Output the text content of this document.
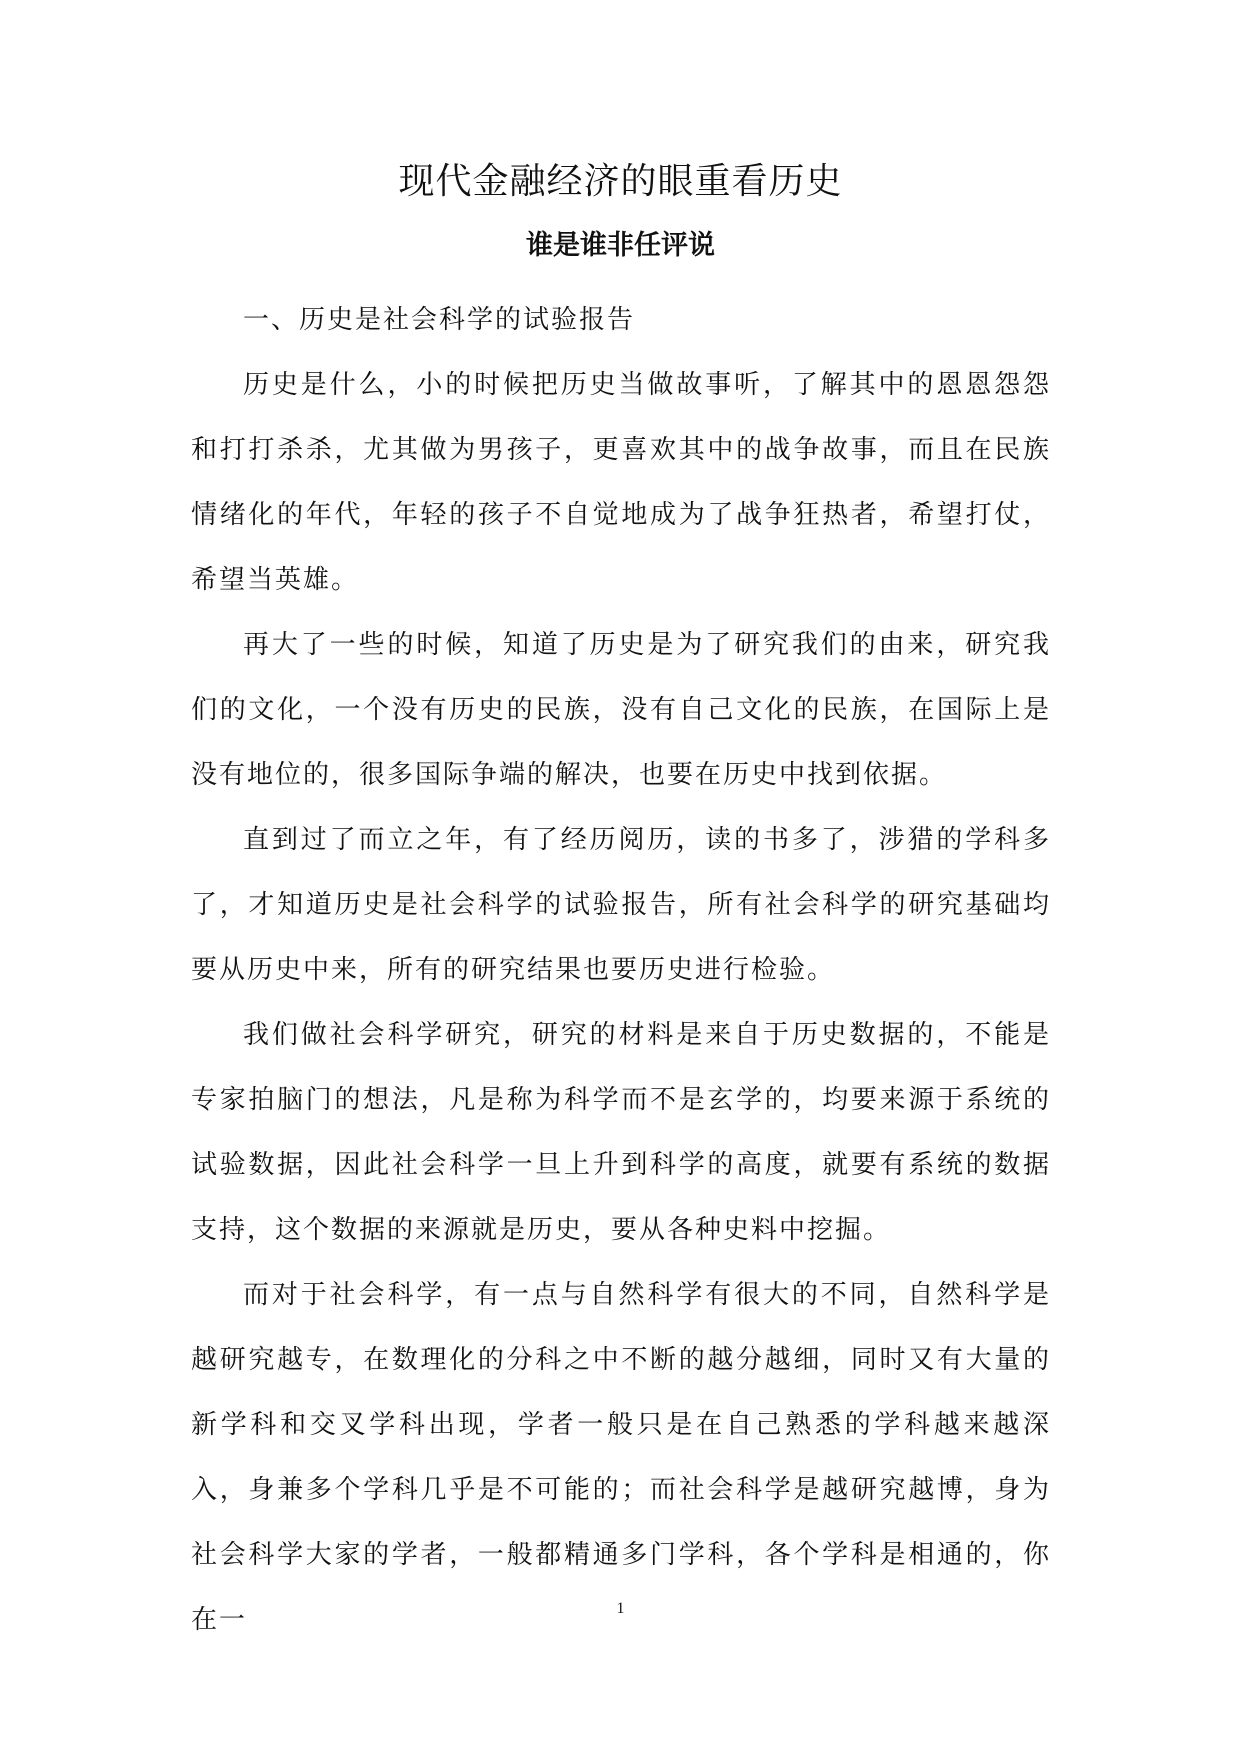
现代金融经济的眼重看历史
谁是谁非任评说

一、历史是社会科学的试验报告

历史是什么，小的时候把历史当做故事听，了解其中的恩恩怨怨和打打杀杀，尤其做为男孩子，更喜欢其中的战争故事，而且在民族情绪化的年代，年轻的孩子不自觉地成为了战争狂热者，希望打仗，希望当英雄。

再大了一些的时候，知道了历史是为了研究我们的由来，研究我们的文化，一个没有历史的民族，没有自己文化的民族，在国际上是没有地位的，很多国际争端的解决，也要在历史中找到依据。

直到过了而立之年，有了经历阅历，读的书多了，涉猎的学科多了，才知道历史是社会科学的试验报告，所有社会科学的研究基础均要从历史中来，所有的研究结果也要历史进行检验。

我们做社会科学研究，研究的材料是来自于历史数据的，不能是专家拍脑门的想法，凡是称为科学而不是玄学的，均要来源于系统的试验数据，因此社会科学一旦上升到科学的高度，就要有系统的数据支持，这个数据的来源就是历史，要从各种史料中挖掘。

而对于社会科学，有一点与自然科学有很大的不同，自然科学是越研究越专，在数理化的分科之中不断的越分越细，同时又有大量的新学科和交叉学科出现，学者一般只是在自己熟悉的学科越来越深入，身兼多个学科几乎是不可能的；而社会科学是越研究越博，身为社会科学大家的学者，一般都精通多门学科，各个学科是相通的，你在一	1
